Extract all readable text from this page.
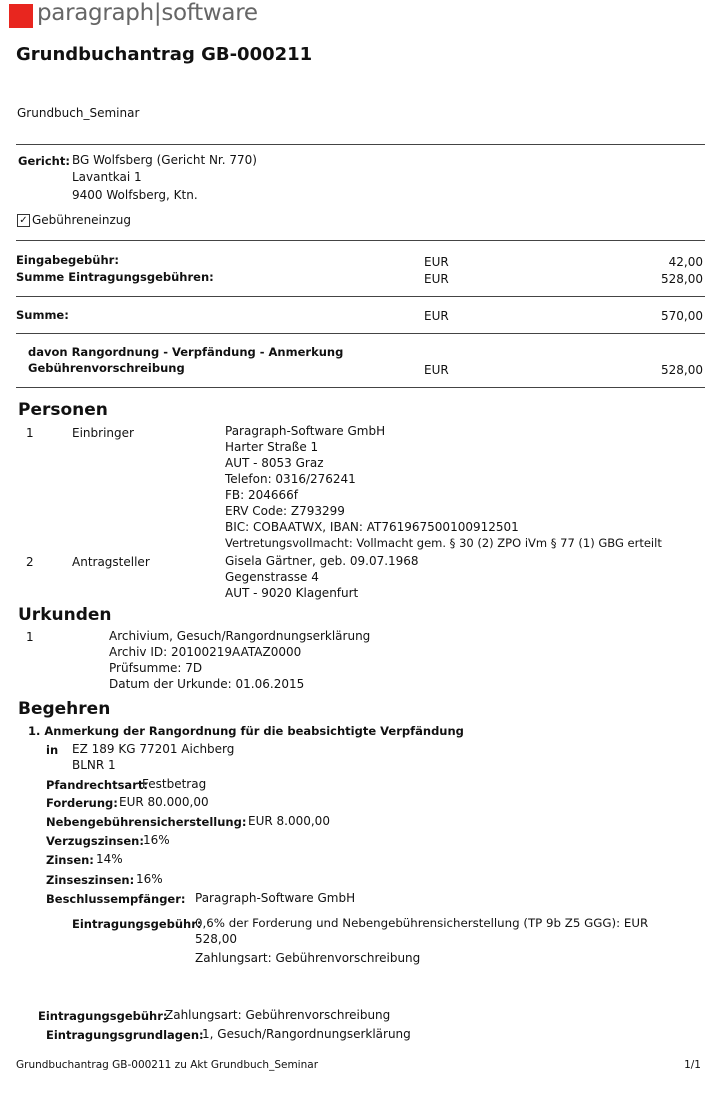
paragraph|software
Grundbuchantrag GB-000211
Grundbuch_Seminar
Gericht: BG Wolfsberg (Gericht Nr. 770)
Lavantkai 1
9400 Wolfsberg, Ktn.
✓ Gebühreneinzug
Eingabegebühr:	EUR	42,00
Summe Eintragungsgebühren:	EUR	528,00
Summe:	EUR	570,00
davon Rangordnung - Verpfändung - Anmerkung
Gebührenvorschreibung	EUR	528,00
Personen
1	Einbringer	Paragraph-Software GmbH
Harter Straße 1
AUT - 8053 Graz
Telefon: 0316/276241
FB: 204666f
ERV Code: Z793299
BIC: COBAATWX, IBAN: AT761967500100912501
Vertretungsvollmacht: Vollmacht gem. § 30 (2) ZPO iVm § 77 (1) GBG erteilt
2	Antragsteller	Gisela Gärtner, geb. 09.07.1968
Gegenstrasse 4
AUT - 9020 Klagenfurt
Urkunden
1	Archivium, Gesuch/Rangordnungserklärung
Archiv ID: 20100219AATAZ0000
Prüfsumme: 7D
Datum der Urkunde: 01.06.2015
Begehren
1. Anmerkung der Rangordnung für die beabsichtigte Verpfändung
in EZ 189 KG 77201 Aichberg
BLNR 1
Pfandrechtsart:
Festbetrag
Forderung: EUR 80.000,00
Nebengebührensicherstellung: EUR 8.000,00
Verzugszinsen: 16%
Zinsen: 14%
Zinseszinsen: 16%
Beschlussempfänger: Paragraph-Software GmbH
Eintragungsgebühr:
0,6% der Forderung und Nebengebührensicherstellung (TP 9b Z5 GGG): EUR
528,00
Zahlungsart: Gebührenvorschreibung
Eintragungsgebühr:
Zahlungsart: Gebührenvorschreibung
Eintragungsgrundlagen:
1, Gesuch/Rangordnungserklärung
Grundbuchantrag GB-000211 zu Akt Grundbuch_Seminar	1/1
